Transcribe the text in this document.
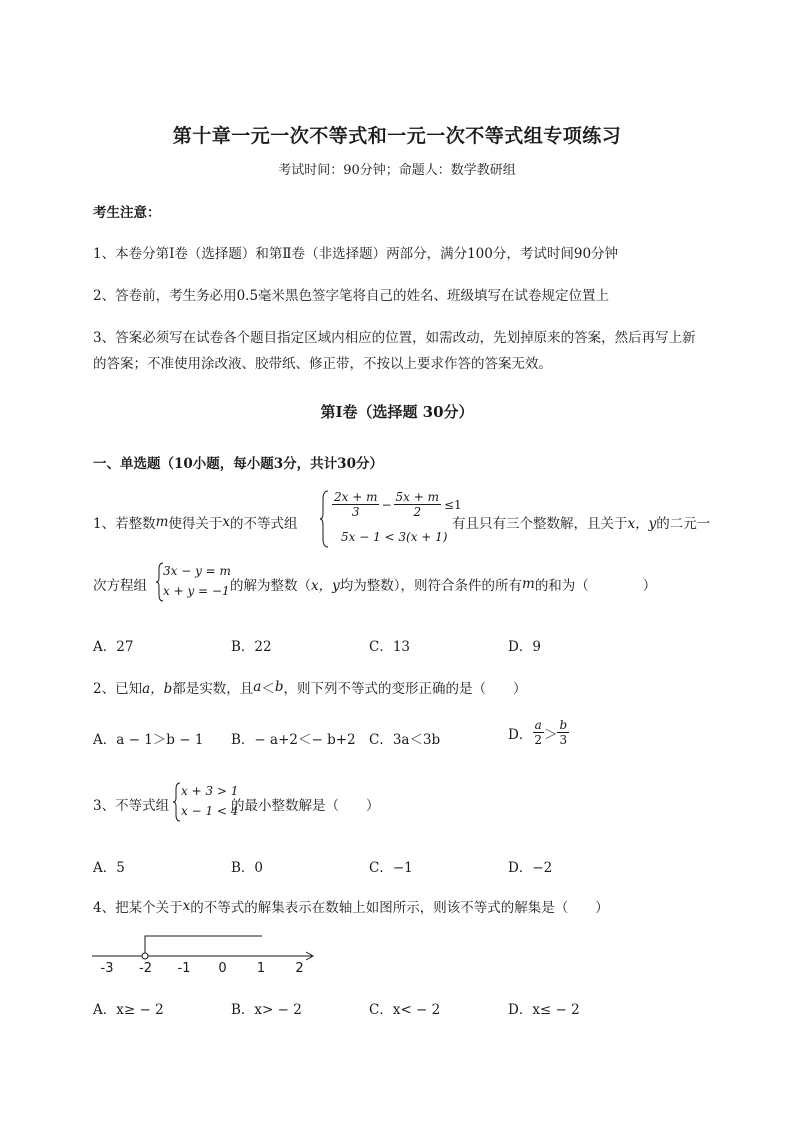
第十章一元一次不等式和一元一次不等式组专项练习
考试时间：90分钟；命题人：数学教研组
考生注意：
1、本卷分第I卷（选择题）和第Ⅱ卷（非选择题）两部分，满分100分，考试时间90分钟
2、答卷前，考生务必用0.5毫米黑色签字笔将自己的姓名、班级填写在试卷规定位置上
3、答案必须写在试卷各个题目指定区域内相应的位置，如需改动，先划掉原来的答案，然后再写上新
的答案；不准使用涂改液、胶带纸、修正带，不按以上要求作答的答案无效。
第I卷（选择题 30分）
一、单选题（10小题，每小题3分，共计30分）
1、若整数 m 使得关于 x 的不等式组
$\frac{2x + m}{3} - \frac{5x + m}{2} \le 1$
5x − 1 < 3(x + 1)
有且只有三个整数解，且关于 x，y 的二元一
次方程组
3x − y = m
x + y = −1 的解为整数（ x，y 均为整数），则符合条件的所有 m 的和为（　　　　）
A．27	B．22	C．13	D．9
2、已知 a，b 都是实数，且 a ＜ b ，则下列不等式的变形正确的是（　　）
A．a − 1＞b − 1 B．− a+2＜− b+2 C．3a＜3b	D． $\frac{a}{2} > \frac{b}{3}$
3、不等式组
x + 3 > 1
x − 1 < 4
的最小整数解是（　　）
A．5	B．0	C．−1	D．−2
4、把某个关于 x 的不等式的解集表示在数轴上如图所示，则该不等式的解集是（　　）
-3 -2 -1 0 1 2
A．x≥ − 2	B．x> − 2	C．x< − 2	D．x≤ − 2
